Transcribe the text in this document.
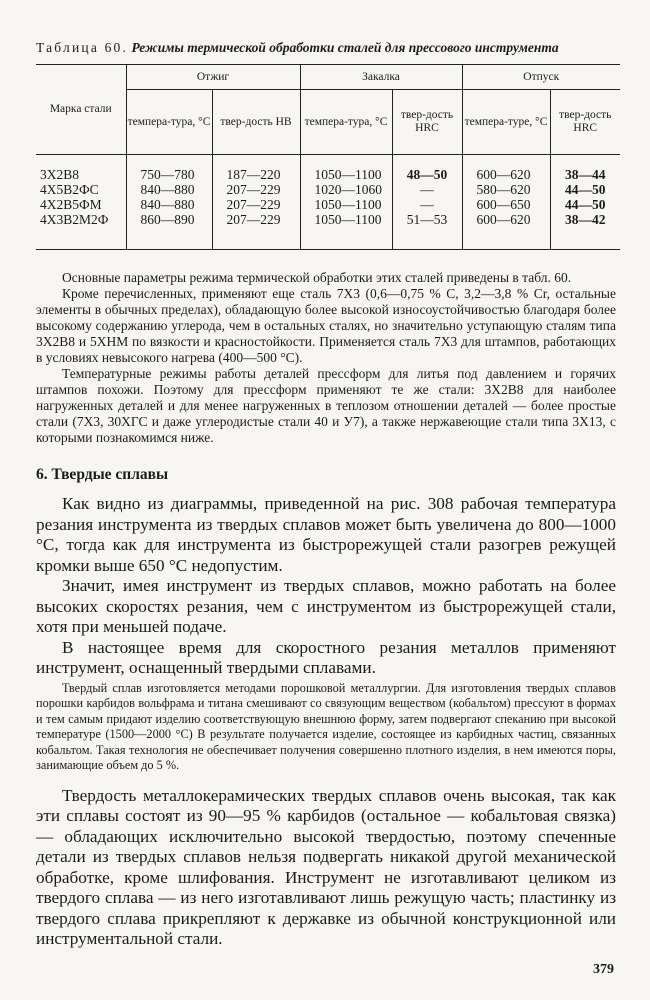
Таблица 60. Режимы термической обработки сталей для прессового инструмента
Марка стали	Отжиг		Закалка		Отпуск	
	темпера-тура, °С	твер-дость НВ	темпера-тура, °С	твер-дость HRC	темпера-туре, °С	твер-дость HRC
3Х2В8	750—780	187—220	1050—1100	48—50	600—620	38—44
4Х5В2ФС	840—880	207—229	1020—1060	—	580—620	44—50
4Х2В5ФМ	840—880	207—229	1050—1100	—	600—650	44—50
4Х3В2М2Ф	860—890	207—229	1050—1100	51—53	600—620	38—42

Основные параметры режима термической обработки этих сталей приведены в табл. 60.

Кроме перечисленных, применяют еще сталь 7Х3 (0,6—0,75 % С, 3,2—3,8 % Cr, остальные элементы в обычных пределах), обладающую более высокой износоустойчивостью благодаря более высокому содержанию углерода, чем в остальных сталях, но значительно уступающую сталям типа 3Х2В8 и 5ХНМ по вязкости и красностойкости. Применяется сталь 7Х3 для штампов, работающих в условиях невысокого нагрева (400—500 °С).

Температурные режимы работы деталей прессформ для литья под давлением и горячих штампов похожи. Поэтому для прессформ применяют те же стали: 3Х2В8 для наиболее нагруженных деталей и для менее нагруженных в теплозом отношении деталей — более простые стали (7Х3, 30ХГС и даже углеродистые стали 40 и У7), а также нержавеющие стали типа 3Х13, с которыми познакомимся ниже.

6. Твердые сплавы

Как видно из диаграммы, приведенной на рис. 308 рабочая температура резания инструмента из твердых сплавов может быть увеличена до 800—1000 °С, тогда как для инструмента из быстрорежущей стали разогрев режущей кромки выше 650 °С недопустим.

Значит, имея инструмент из твердых сплавов, можно работать на более высоких скоростях резания, чем с инструментом из быстрорежущей стали, хотя при меньшей подаче.

В настоящее время для скоростного резания металлов применяют инструмент, оснащенный твердыми сплавами.

Твердый сплав изготовляется методами порошковой металлургии. Для изготовления твердых сплавов порошки карбидов вольфрама и титана смешивают со связующим веществом (кобальтом) прессуют в формах и тем самым придают изделию соответствующую внешнюю форму, затем подвергают спеканию при высокой температуре (1500—2000 °С) В результате получается изделие, состоящее из карбидных частиц, связанных кобальтом. Такая технология не обеспечивает получения совершенно плотного изделия, в нем имеются поры, занимающие объем до 5 %.

Твердость металлокерамических твердых сплавов очень высокая, так как эти сплавы состоят из 90—95 % карбидов (остальное — кобальтовая связка) — обладающих исключительно высокой твердостью, поэтому спеченные детали из твердых сплавов нельзя подвергать никакой другой механической обработке, кроме шлифования. Инструмент не изготавливают целиком из твердого сплава — из него изготавливают лишь режущую часть; пластинку из твердого сплава прикрепляют к державке из обычной конструкционной или инструментальной стали.

379
